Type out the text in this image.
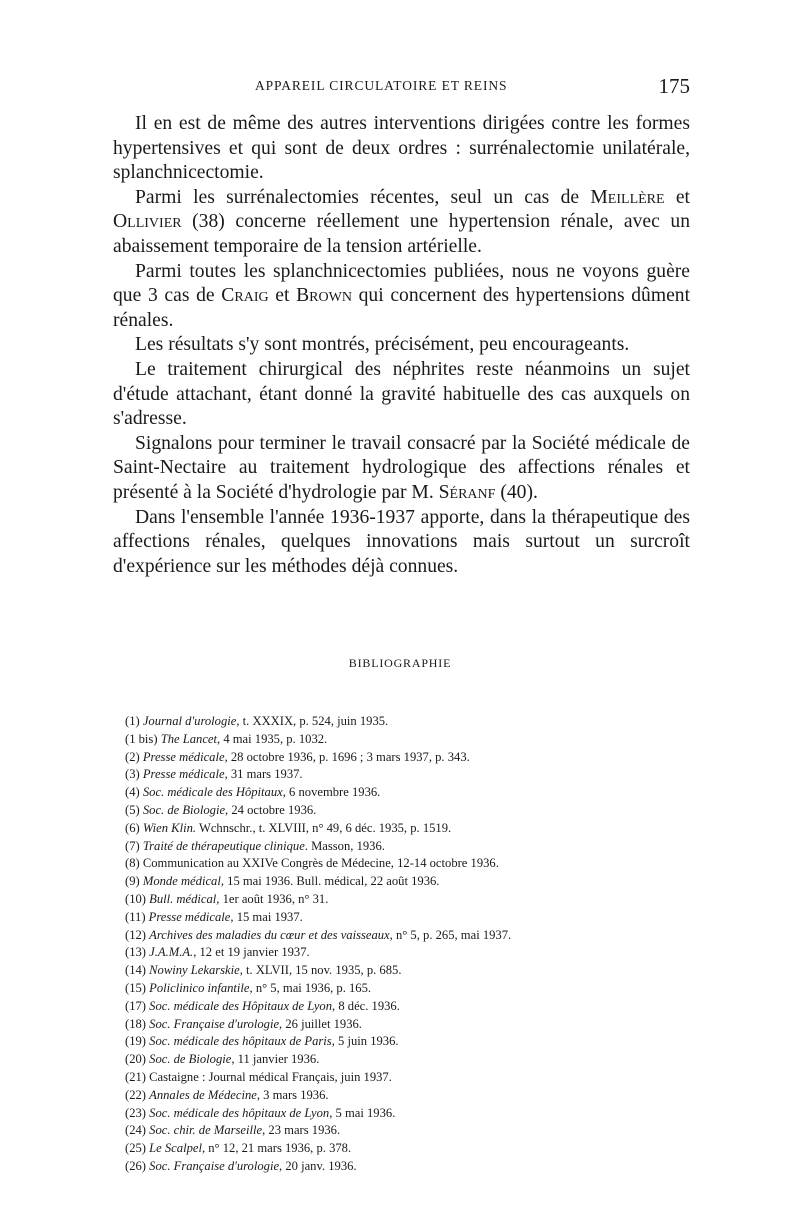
APPAREIL CIRCULATOIRE ET REINS	175

Il en est de même des autres interventions dirigées contre les formes hypertensives et qui sont de deux ordres : surrénalectomie unilatérale, splanchnicectomie.

Parmi les surrénalectomies récentes, seul un cas de Meillère et Ollivier (38) concerne réellement une hypertension rénale, avec un abaissement temporaire de la tension artérielle.

Parmi toutes les splanchnicectomies publiées, nous ne voyons guère que 3 cas de Craig et Brown qui concernent des hypertensions dûment rénales.

Les résultats s'y sont montrés, précisément, peu encourageants.

Le traitement chirurgical des néphrites reste néanmoins un sujet d'étude attachant, étant donné la gravité habituelle des cas auxquels on s'adresse.

Signalons pour terminer le travail consacré par la Société médicale de Saint-Nectaire au traitement hydrologique des affections rénales et présenté à la Société d'hydrologie par M. Séranf (40).

Dans l'ensemble l'année 1936-1937 apporte, dans la thérapeutique des affections rénales, quelques innovations mais surtout un surcroît d'expérience sur les méthodes déjà connues.

BIBLIOGRAPHIE
(1) Journal d'urologie, t. XXXIX, p. 524, juin 1935.
(1 bis) The Lancet, 4 mai 1935, p. 1032.
(2) Presse médicale, 28 octobre 1936, p. 1696 ; 3 mars 1937, p. 343.
(3) Presse médicale, 31 mars 1937.
(4) Soc. médicale des Hôpitaux, 6 novembre 1936.
(5) Soc. de Biologie, 24 octobre 1936.
(6) Wien Klin. Wchnschr., t. XLVIII, n° 49, 6 déc. 1935, p. 1519.
(7) Traité de thérapeutique clinique. Masson, 1936.
(8) Communication au XXIVe Congrès de Médecine, 12-14 octobre 1936.
(9) Monde médical, 15 mai 1936. Bull. médical, 22 août 1936.
(10) Bull. médical, 1er août 1936, n° 31.
(11) Presse médicale, 15 mai 1937.
(12) Archives des maladies du cœur et des vaisseaux, n° 5, p. 265, mai 1937.
(13) J.A.M.A., 12 et 19 janvier 1937.
(14) Nowiny Lekarskie, t. XLVII, 15 nov. 1935, p. 685.
(15) Policlinico infantile, n° 5, mai 1936, p. 165.
(17) Soc. médicale des Hôpitaux de Lyon, 8 déc. 1936.
(18) Soc. Française d'urologie, 26 juillet 1936.
(19) Soc. médicale des hôpitaux de Paris, 5 juin 1936.
(20) Soc. de Biologie, 11 janvier 1936.
(21) Castaigne : Journal médical Français, juin 1937.
(22) Annales de Médecine, 3 mars 1936.
(23) Soc. médicale des hôpitaux de Lyon, 5 mai 1936.
(24) Soc. chir. de Marseille, 23 mars 1936.
(25) Le Scalpel, n° 12, 21 mars 1936, p. 378.
(26) Soc. Française d'urologie, 20 janv. 1936.
